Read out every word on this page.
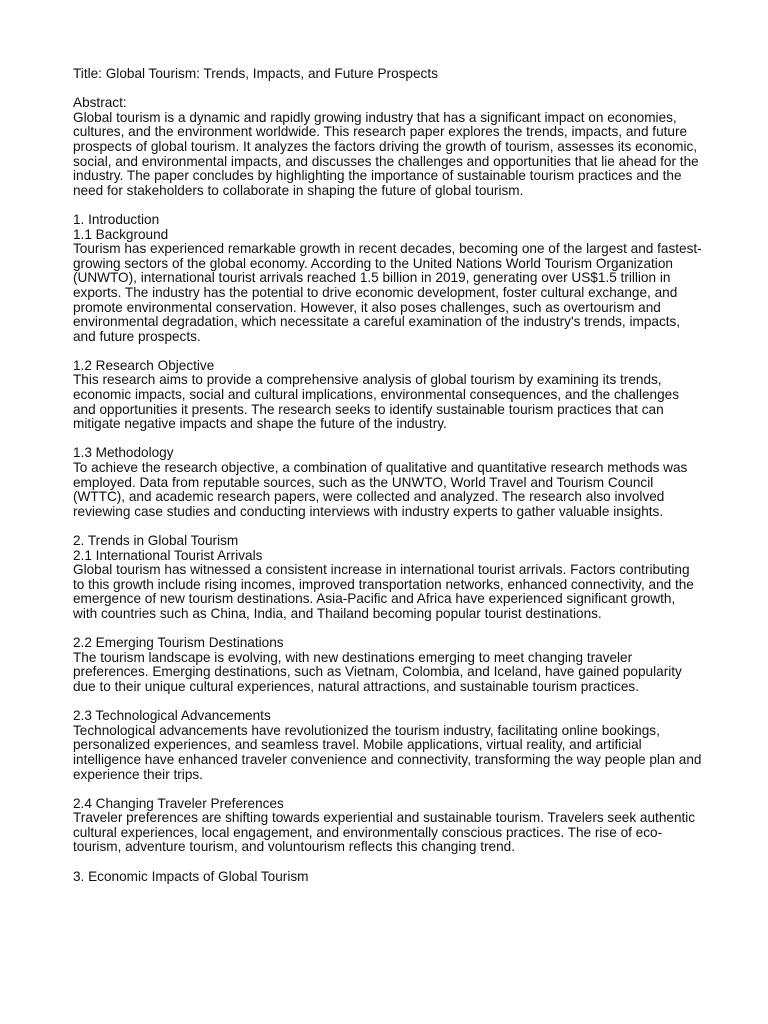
Title: Global Tourism: Trends, Impacts, and Future Prospects

Abstract:

Global tourism is a dynamic and rapidly growing industry that has a significant impact on economies, cultures, and the environment worldwide. This research paper explores the trends, impacts, and future prospects of global tourism. It analyzes the factors driving the growth of tourism, assesses its economic, social, and environmental impacts, and discusses the challenges and opportunities that lie ahead for the industry. The paper concludes by highlighting the importance of sustainable tourism practices and the need for stakeholders to collaborate in shaping the future of global tourism.

1. Introduction

1.1 Background

Tourism has experienced remarkable growth in recent decades, becoming one of the largest and fastest-growing sectors of the global economy. According to the United Nations World Tourism Organization (UNWTO), international tourist arrivals reached 1.5 billion in 2019, generating over US$1.5 trillion in exports. The industry has the potential to drive economic development, foster cultural exchange, and promote environmental conservation. However, it also poses challenges, such as overtourism and environmental degradation, which necessitate a careful examination of the industry's trends, impacts, and future prospects.

1.2 Research Objective

This research aims to provide a comprehensive analysis of global tourism by examining its trends, economic impacts, social and cultural implications, environmental consequences, and the challenges and opportunities it presents. The research seeks to identify sustainable tourism practices that can mitigate negative impacts and shape the future of the industry.

1.3 Methodology

To achieve the research objective, a combination of qualitative and quantitative research methods was employed. Data from reputable sources, such as the UNWTO, World Travel and Tourism Council (WTTC), and academic research papers, were collected and analyzed. The research also involved reviewing case studies and conducting interviews with industry experts to gather valuable insights.

2. Trends in Global Tourism

2.1 International Tourist Arrivals

Global tourism has witnessed a consistent increase in international tourist arrivals. Factors contributing to this growth include rising incomes, improved transportation networks, enhanced connectivity, and the emergence of new tourism destinations. Asia-Pacific and Africa have experienced significant growth, with countries such as China, India, and Thailand becoming popular tourist destinations.

2.2 Emerging Tourism Destinations

The tourism landscape is evolving, with new destinations emerging to meet changing traveler preferences. Emerging destinations, such as Vietnam, Colombia, and Iceland, have gained popularity due to their unique cultural experiences, natural attractions, and sustainable tourism practices.

2.3 Technological Advancements

Technological advancements have revolutionized the tourism industry, facilitating online bookings, personalized experiences, and seamless travel. Mobile applications, virtual reality, and artificial intelligence have enhanced traveler convenience and connectivity, transforming the way people plan and experience their trips.

2.4 Changing Traveler Preferences

Traveler preferences are shifting towards experiential and sustainable tourism. Travelers seek authentic cultural experiences, local engagement, and environmentally conscious practices. The rise of eco-tourism, adventure tourism, and voluntourism reflects this changing trend.

3. Economic Impacts of Global Tourism
